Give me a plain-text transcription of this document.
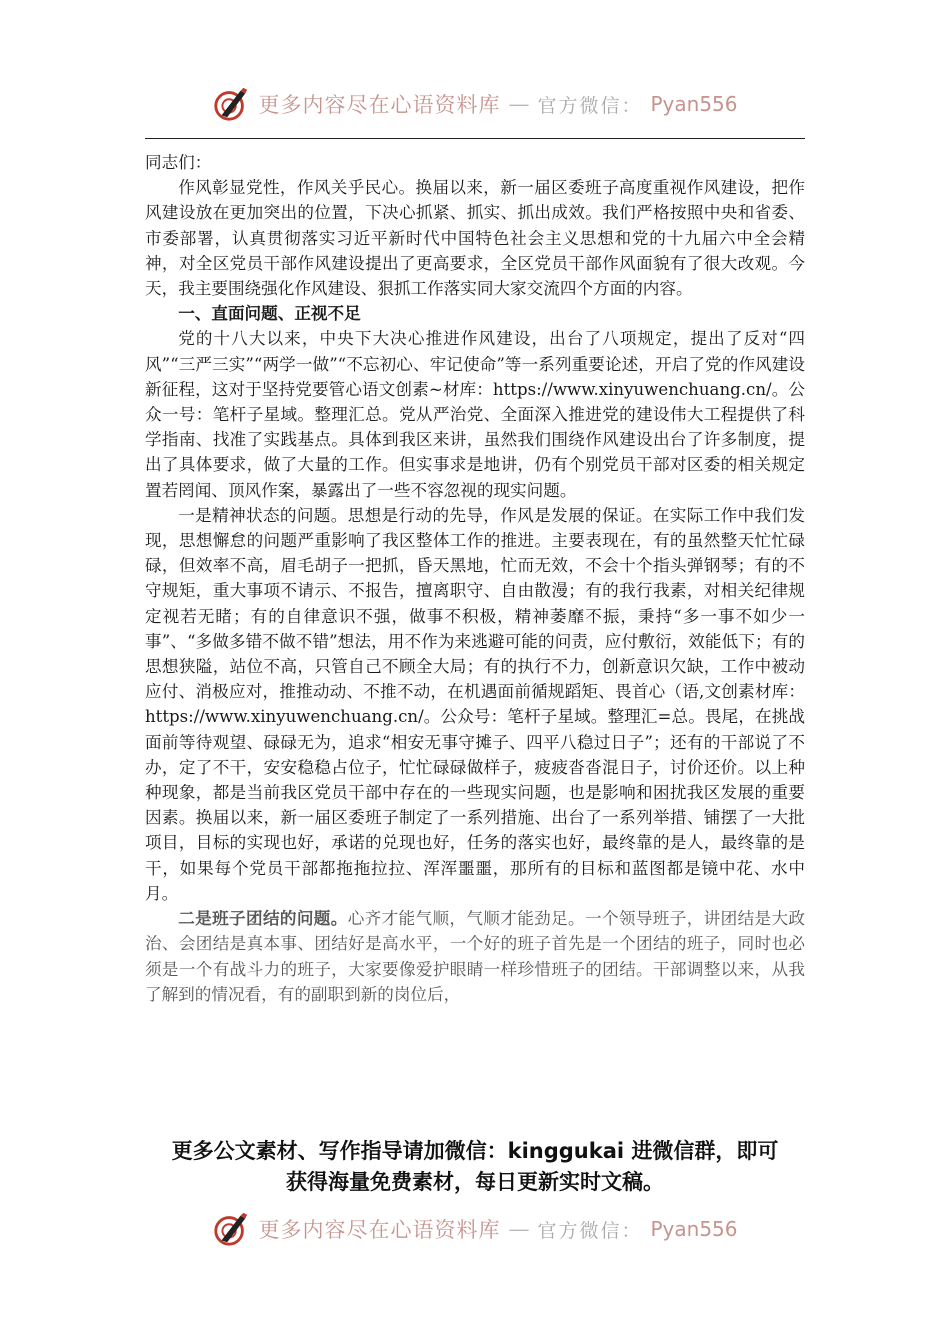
更多内容尽在心语资料库 — 官方微信： Pyan556

同志们：

作风彰显党性，作风关乎民心。换届以来，新一届区委班子高度重视作风建设，把作风建设放在更加突出的位置，下决心抓紧、抓实、抓出成效。我们严格按照中央和省委、市委部署，认真贯彻落实习近平新时代中国特色社会主义思想和党的十九届六中全会精神，对全区党员干部作风建设提出了更高要求，全区党员干部作风面貌有了很大改观。今天，我主要围绕强化作风建设、狠抓工作落实同大家交流四个方面的内容。

一、直面问题、正视不足

党的十八大以来，中央下大决心推进作风建设，出台了八项规定，提出了反对“四风”“三严三实”“两学一做”“不忘初心、牢记使命”等一系列重要论述，开启了党的作风建设新征程，这对于坚持党要管心语文创素~材库：https://www.xinyuwenchuang.cn/。公众一号：笔杆子星域。整理汇总。党从严治党、全面深入推进党的建设伟大工程提供了科学指南、找准了实践基点。具体到我区来讲，虽然我们围绕作风建设出台了许多制度，提出了具体要求，做了大量的工作。但实事求是地讲，仍有个别党员干部对区委的相关规定置若罔闻、顶风作案，暴露出了一些不容忽视的现实问题。

一是精神状态的问题。思想是行动的先导，作风是发展的保证。在实际工作中我们发现，思想懈怠的问题严重影响了我区整体工作的推进。主要表现在，有的虽然整天忙忙碌碌，但效率不高，眉毛胡子一把抓，昏天黑地，忙而无效，不会十个指头弹钢琴；有的不守规矩，重大事项不请示、不报告，擅离职守、自由散漫；有的我行我素，对相关纪律规定视若无睹；有的自律意识不强，做事不积极，精神萎靡不振，秉持“多一事不如少一事”、“多做多错不做不错”想法，用不作为来逃避可能的问责，应付敷衍，效能低下；有的思想狭隘，站位不高，只管自己不顾全大局；有的执行不力，创新意识欠缺，工作中被动应付、消极应对，推推动动、不推不动，在机遇面前循规蹈矩、畏首心（语,文创素材库：https://www.xinyuwenchuang.cn/。公众号：笔杆子星域。整理汇=总。畏尾，在挑战面前等待观望、碌碌无为，追求“相安无事守摊子、四平八稳过日子”；还有的干部说了不办，定了不干，安安稳稳占位子，忙忙碌碌做样子，疲疲沓沓混日子，讨价还价。以上种种现象，都是当前我区党员干部中存在的一些现实问题，也是影响和困扰我区发展的重要因素。换届以来，新一届区委班子制定了一系列措施、出台了一系列举措、铺摆了一大批项目，目标的实现也好，承诺的兑现也好，任务的落实也好，最终靠的是人，最终靠的是干，如果每个党员干部都拖拖拉拉、浑浑噩噩，那所有的目标和蓝图都是镜中花、水中月。

二是班子团结的问题。心齐才能气顺，气顺才能劲足。一个领导班子，讲团结是大政治、会团结是真本事、团结好是高水平，一个好的班子首先是一个团结的班子，同时也必须是一个有战斗力的班子，大家要像爱护眼睛一样珍惜班子的团结。干部调整以来，从我了解到的情况看，有的副职到新的岗位后，

更多公文素材、写作指导请加微信：kinggukai 进微信群，即可
获得海量免费素材，每日更新实时文稿。
更多内容尽在心语资料库 — 官方微信： Pyan556
